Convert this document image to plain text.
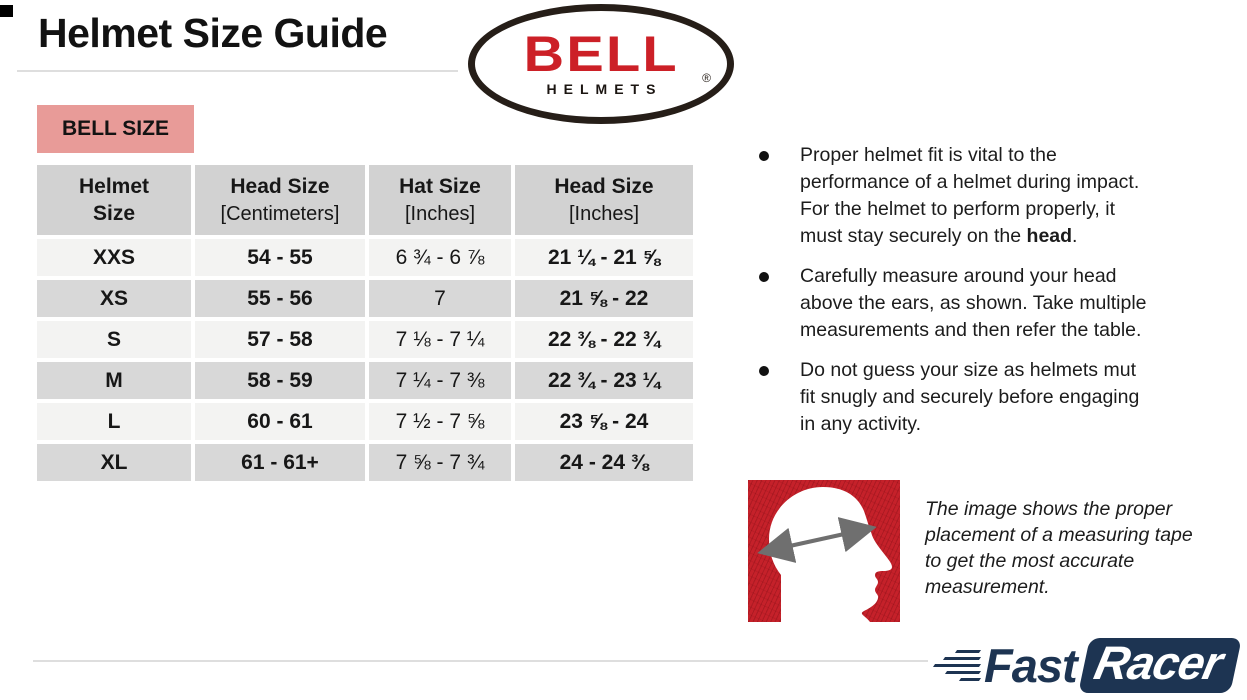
Helmet Size Guide	BELL
HELMETS
®
BELL SIZE
Helmet
Size

Head Size
[Centimeters]

Hat Size
[Inches]

Head Size
[Inches]

XXS	54 - 55	6 ¾ - 6 ⅞	21 ¼ - 21 ⅝
XS	55 - 56	7	21 ⅝ - 22
S	57 - 58	7 ⅛ - 7 ¼	22 ⅜ - 22 ¾
M	58 - 59	7 ¼ - 7 ⅜	22 ¾ - 23 ¼
L	60 - 61	7 ½ - 7 ⅝	23 ⅝ - 24
XL	61 - 61+	7 ⅝ - 7 ¾	24 - 24 ⅜
Proper helmet fit is vital to the
performance of a helmet during impact.
For the helmet to perform properly, it
must stay securely on the head.
Carefully measure around your head
above the ears, as shown. Take multiple
measurements and then refer the table.
Do not guess your size as helmets mut
fit snugly and securely before engaging
in any activity.
The image shows the proper
placement of a measuring tape
to get the most accurate
measurement.
Fast Racer
